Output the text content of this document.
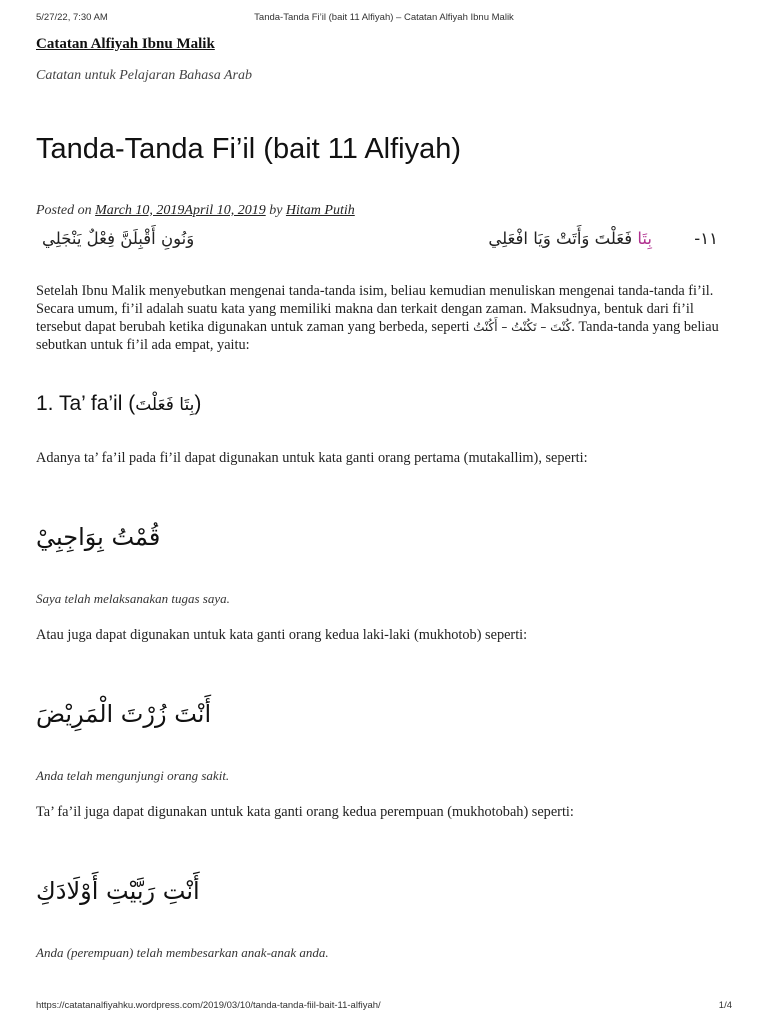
5/27/22, 7:30 AM	Tanda-Tanda Fi’il (bait 11 Alfiyah) – Catatan Alfiyah Ibnu Malik
Catatan Alfiyah Ibnu Malik
Catatan untuk Pelajaran Bahasa Arab
Tanda-Tanda Fi’il (bait 11 Alfiyah)
Posted on March 10, 2019April 10, 2019 by Hitam Putih
١١-
بِتَا فَعَلْتَ وَأَتَتْ وَيَا افْعَلِي
وَنُونِ أَقْبِلَنَّ فِعْلٌ يَنْجَلِي

Setelah Ibnu Malik menyebutkan mengenai tanda-tanda isim, beliau kemudian menuliskan mengenai tanda-tanda fi’il. Secara umum, fi’il adalah suatu kata yang memiliki makna dan terkait dengan zaman. Maksudnya, bentuk dari fi’il tersebut dapat berubah ketika digunakan untuk zaman yang berbeda, seperti كُنْتَ – تَكُنْتُ – أَكُنْتُ. Tanda-tanda yang beliau sebutkan untuk fi’il ada empat, yaitu:

1. Ta’ fa’il (بِتَا فَعَلْتَ)

Adanya ta’ fa’il pada fi’il dapat digunakan untuk kata ganti orang pertama (mutakallim), seperti:

قُمْتُ بِوَاجِبِيْ
Saya telah melaksanakan tugas saya.

Atau juga dapat digunakan untuk kata ganti orang kedua laki-laki (mukhotob) seperti:

أَنْتَ زُرْتَ الْمَرِيْضَ
Anda telah mengunjungi orang sakit.

Ta’ fa’il juga dapat digunakan untuk kata ganti orang kedua perempuan (mukhotobah) seperti:

أَنْتِ رَبَّيْتِ أَوْلَادَكِ
Anda (perempuan) telah membesarkan anak-anak anda.
https://catatanalfiyahku.wordpress.com/2019/03/10/tanda-tanda-fiil-bait-11-alfiyah/	1/4
